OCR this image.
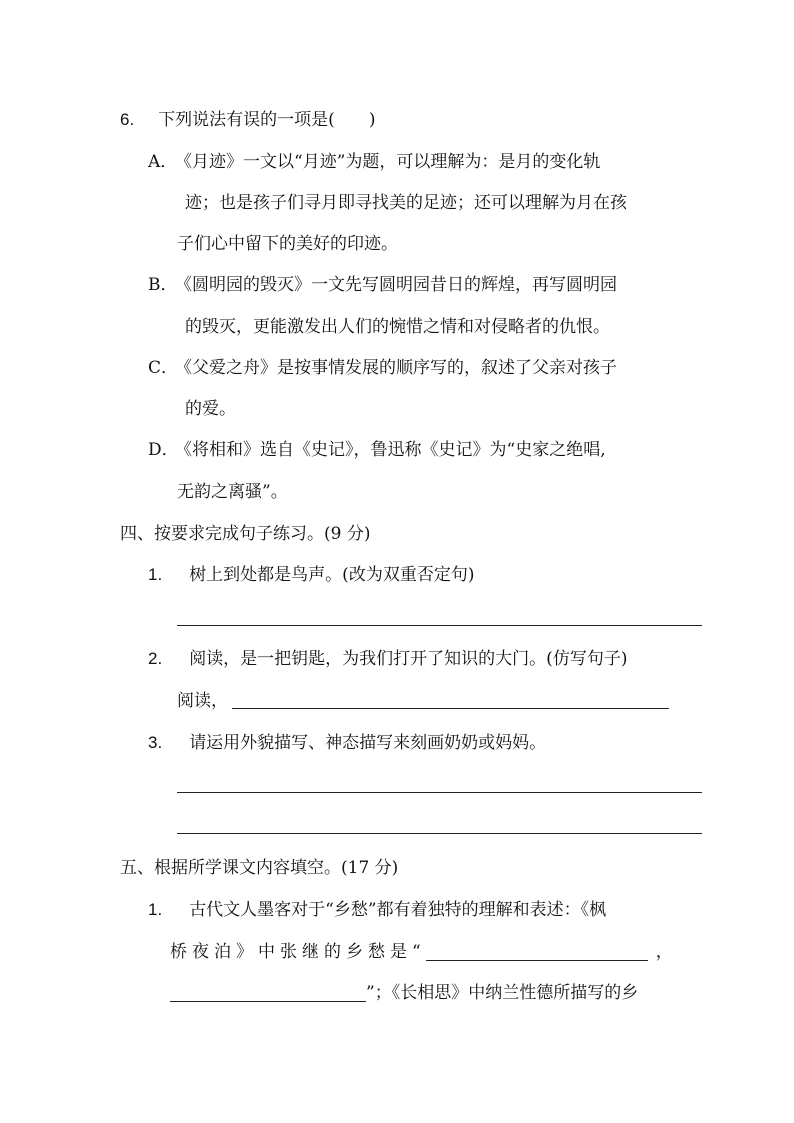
6. 下列说法有误的一项是(　　)
A．
《月迹》一文以“月迹”为题，可以理解为：是月的变化轨
迹；也是孩子们寻月即寻找美的足迹；还可以理解为月在孩
子们心中留下的美好的印迹。
B．
《圆明园的毁灭》一文先写圆明园昔日的辉煌，再写圆明园
的毁灭，更能激发出人们的惋惜之情和对侵略者的仇恨。
C．
《父爱之舟》是按事情发展的顺序写的，叙述了父亲对孩子
的爱。
D．
《将相和》选自《史记》，鲁迅称《史记》为“史家之绝唱,
无韵之离骚”。
四、按要求完成句子练习。(9 分)
1. 树上到处都是鸟声。(改为双重否定句)
2. 阅读，是一把钥匙，为我们打开了知识的大门。(仿写句子)
阅读，
3. 请运用外貌描写、神态描写来刻画奶奶或妈妈。
五、根据所学课文内容填空。(17 分)
1. 古代文人墨客对于“乡愁”都有着独特的理解和表述：《枫
桥夜泊》中张继的乡愁是“	，
”；《长相思》中纳兰性德所描写的乡
